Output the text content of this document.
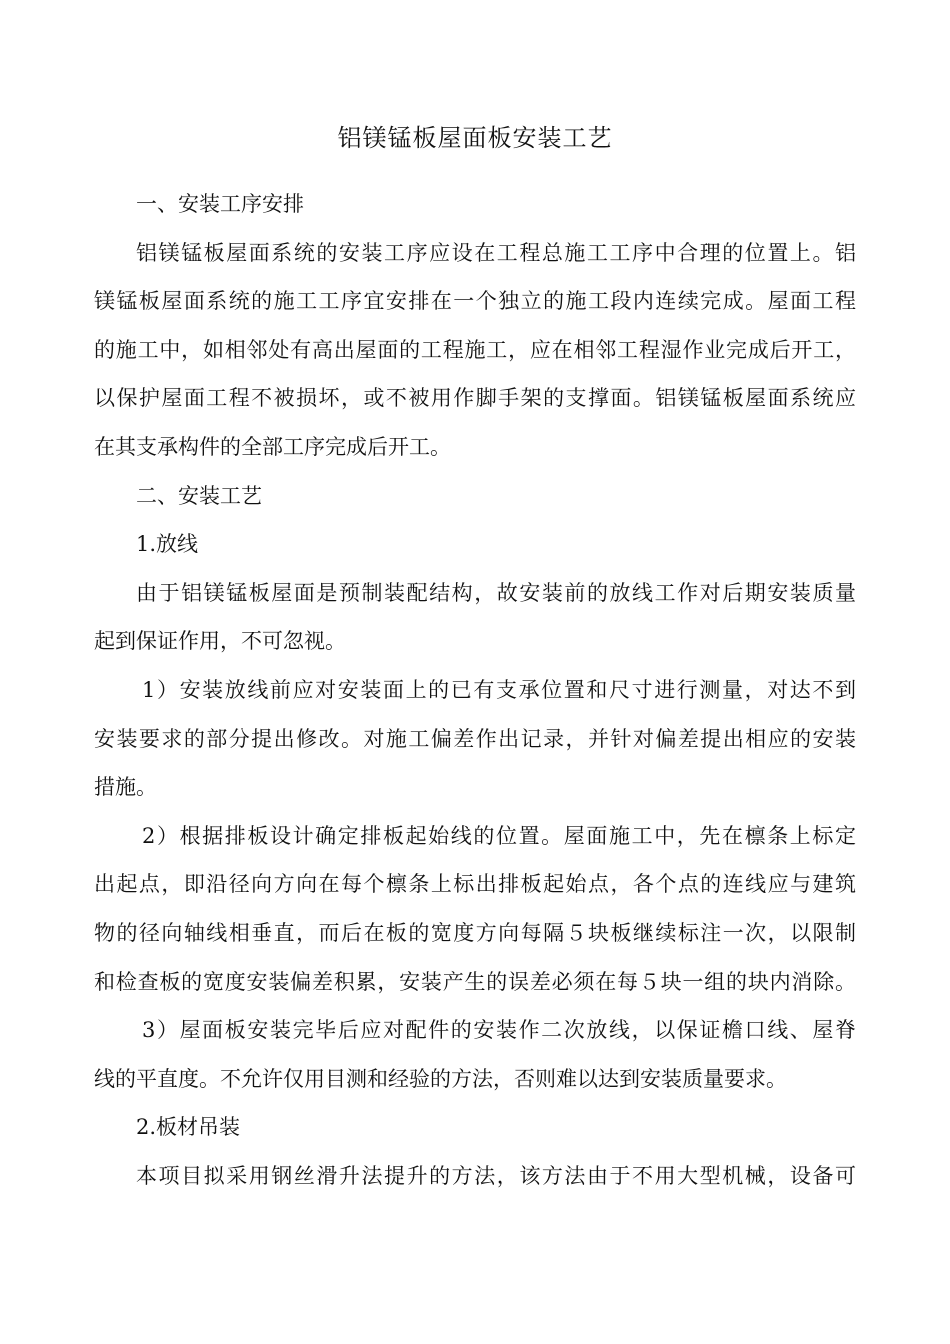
铝镁锰板屋面板安装工艺
一、安装工序安排
铝镁锰板屋面系统的安装工序应设在工程总施工工序中合理的位置上。铝
镁锰板屋面系统的施工工序宜安排在一个独立的施工段内连续完成。屋面工程
的施工中，如相邻处有高出屋面的工程施工，应在相邻工程湿作业完成后开工，
以保护屋面工程不被损坏，或不被用作脚手架的支撑面。铝镁锰板屋面系统应
在其支承构件的全部工序完成后开工。
二、安装工艺
1.放线
由于铝镁锰板屋面是预制装配结构，故安装前的放线工作对后期安装质量
起到保证作用，不可忽视。
1）安装放线前应对安装面上的已有支承位置和尺寸进行测量，对达不到
安装要求的部分提出修改。对施工偏差作出记录，并针对偏差提出相应的安装
措施。
2）根据排板设计确定排板起始线的位置。屋面施工中，先在檩条上标定
出起点，即沿径向方向在每个檩条上标出排板起始点，各个点的连线应与建筑
物的径向轴线相垂直，而后在板的宽度方向每隔５块板继续标注一次，以限制
和检查板的宽度安装偏差积累，安装产生的误差必须在每５块一组的块内消除。
3）屋面板安装完毕后应对配件的安装作二次放线，以保证檐口线、屋脊
线的平直度。不允许仅用目测和经验的方法，否则难以达到安装质量要求。
2.板材吊装
本项目拟采用钢丝滑升法提升的方法，该方法由于不用大型机械，设备可
